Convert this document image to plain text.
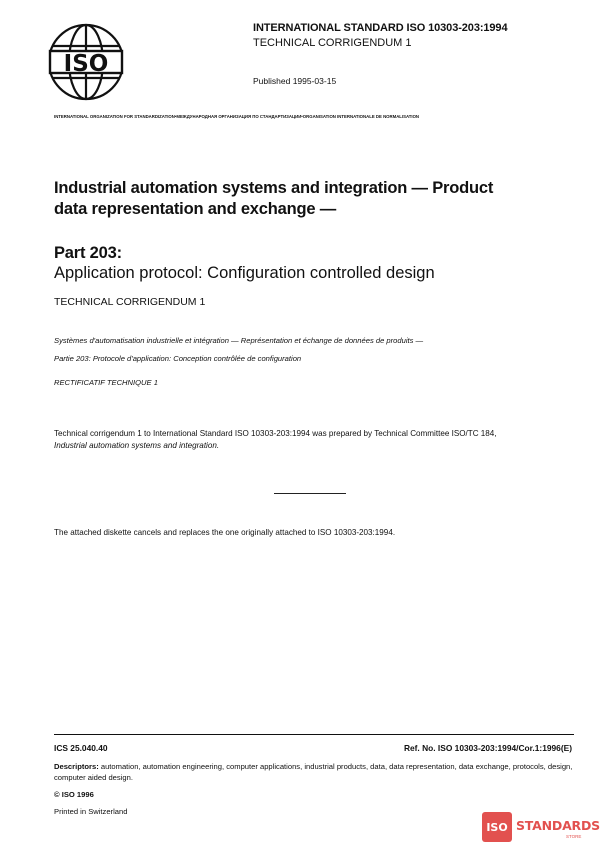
ISO
INTERNATIONAL STANDARD ISO 10303-203:1994
TECHNICAL CORRIGENDUM 1
Published 1995-03-15
INTERNATIONAL ORGANIZATION FOR STANDARDIZATION•МЕЖДУНАРОДНАЯ ОРГАНИЗАЦИЯ ПО СТАНДАРТИЗАЦИИ•ORGANISATION INTERNATIONALE DE NORMALISATION
Industrial automation systems and integration — Product
data representation and exchange —
Part 203:
Application protocol: Configuration controlled design
TECHNICAL CORRIGENDUM 1
Systèmes d'automatisation industrielle et intégration — Représentation et échange de données de produits —
Partie 203: Protocole d'application: Conception contrôlée de configuration
RECTIFICATIF TECHNIQUE 1
Technical corrigendum 1 to International Standard ISO 10303-203:1994 was prepared by Technical Committee ISO/TC 184,
Industrial automation systems and integration.
The attached diskette cancels and replaces the one originally attached to ISO 10303-203:1994.
ICS 25.040.40	Ref. No. ISO 10303-203:1994/Cor.1:1996(E)
Descriptors: automation, automation engineering, computer applications, industrial products, data, data representation, data exchange, protocols, design, computer aided design.
© ISO 1996
Printed in Switzerland
ISO STANDARDS
STORE
